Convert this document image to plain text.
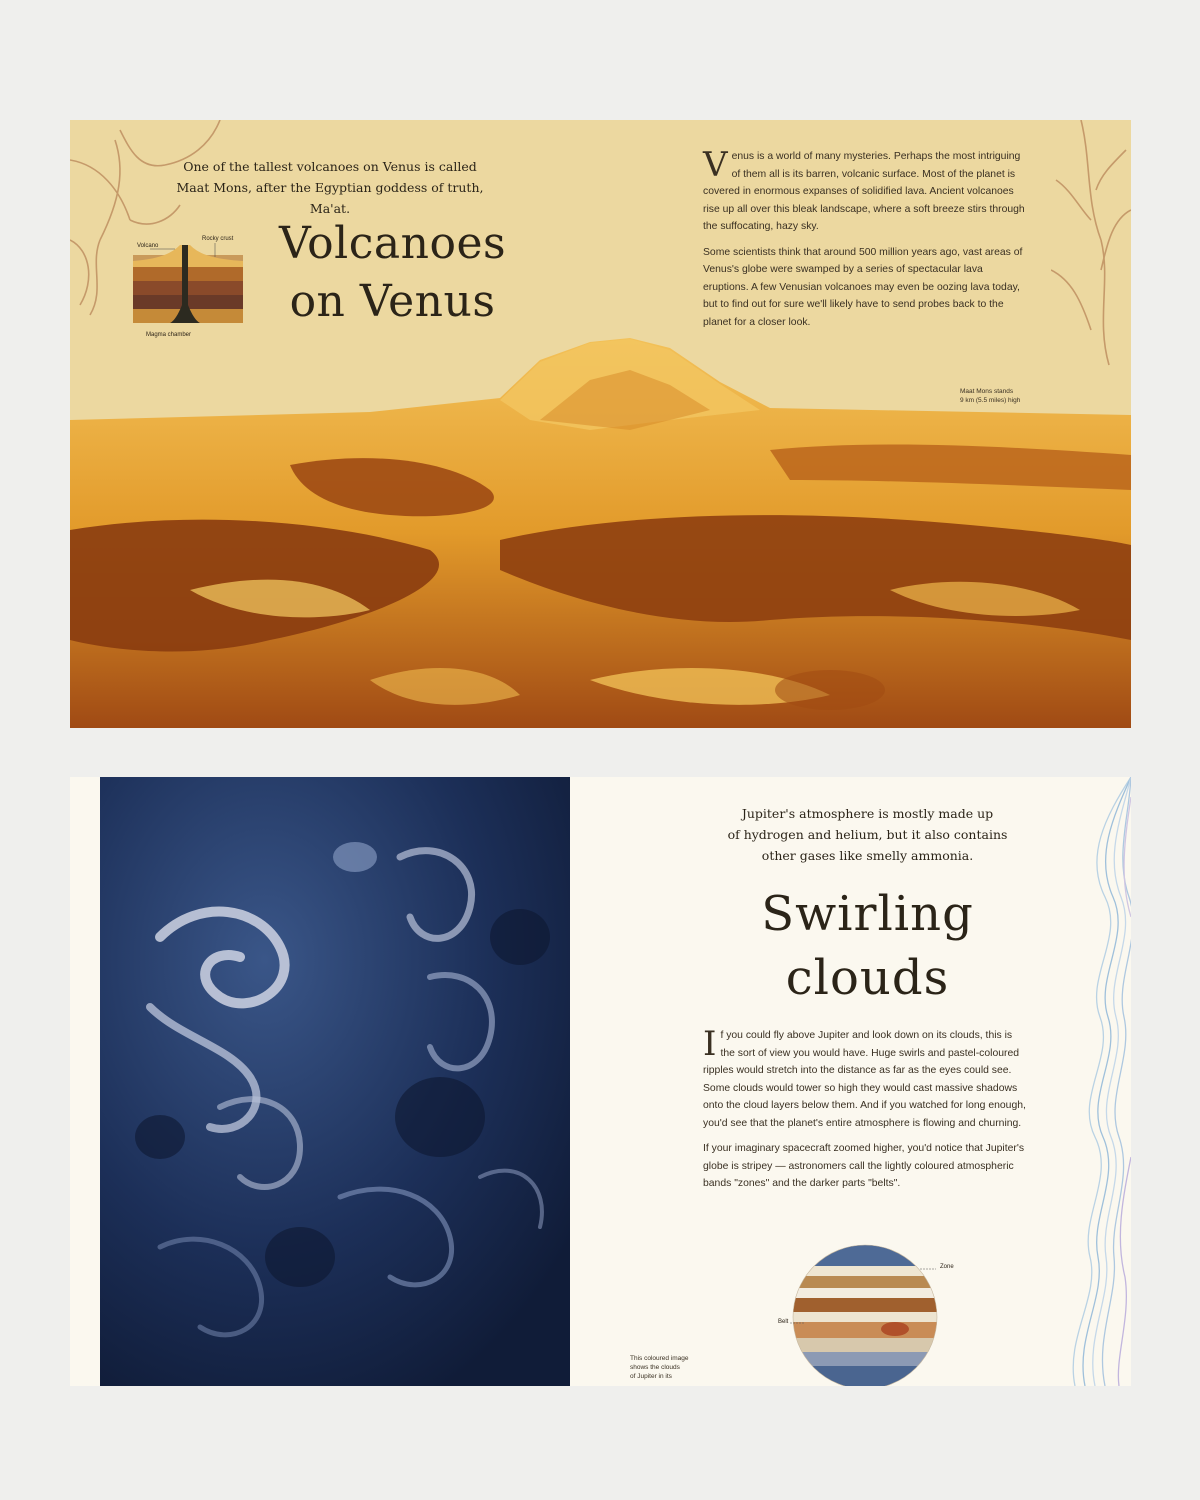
One of the tallest volcanoes on Venus is called Maat Mons, after the Egyptian goddess of truth, Ma'at.
Volcanoes
on Venus
Volcano
Rocky crust
Magma chamber

Venus is a world of many mysteries. Perhaps the most intriguing of them all is its barren, volcanic surface. Most of the planet is covered in enormous expanses of solidified lava. Ancient volcanoes rise up all over this bleak landscape, where a soft breeze stirs through the suffocating, hazy sky.

Some scientists think that around 500 million years ago, vast areas of Venus's globe were swamped by a series of spectacular lava eruptions. A few Venusian volcanoes may even be oozing lava today, but to find out for sure we'll likely have to send probes back to the planet for a closer look.

Maat Mons stands
9 km (5.5 miles) high
Jupiter's atmosphere is mostly made up
of hydrogen and helium, but it also contains
other gases like smelly ammonia.
Swirling
clouds

If you could fly above Jupiter and look down on its clouds, this is the sort of view you would have. Huge swirls and pastel-coloured ripples would stretch into the distance as far as the eyes could see. Some clouds would tower so high they would cast massive shadows onto the cloud layers below them. And if you watched for long enough, you'd see that the planet's entire atmosphere is flowing and churning.

If your imaginary spacecraft zoomed higher, you'd notice that Jupiter's globe is stripey — astronomers call the lightly coloured atmospheric bands "zones" and the darker parts "belts".

Zone
Belt
This coloured image
shows the clouds
of Jupiter in its
